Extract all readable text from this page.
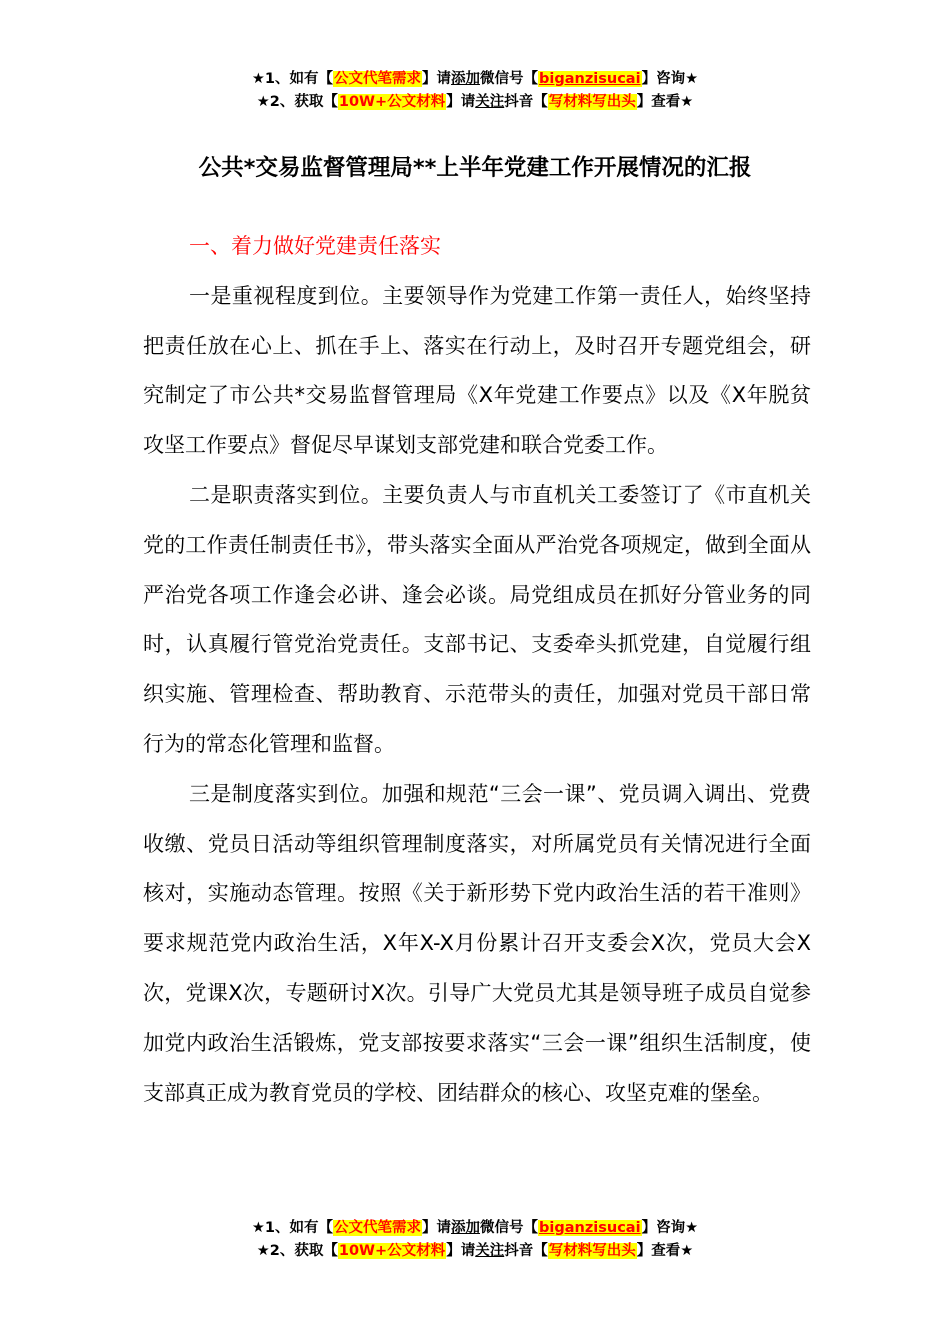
★1、如有【公文代笔需求】请添加微信号【biganzisucai】咨询★
★2、获取【10W+公文材料】请关注抖音【写材料写出头】查看★
公共*交易监督管理局**上半年党建工作开展情况的汇报

一、着力做好党建责任落实

一是重视程度到位。主要领导作为党建工作第一责任人，始终坚持把责任放在心上、抓在手上、落实在行动上，及时召开专题党组会，研究制定了市公共*交易监督管理局《X年党建工作要点》以及《X年脱贫攻坚工作要点》督促尽早谋划支部党建和联合党委工作。

二是职责落实到位。主要负责人与市直机关工委签订了《市直机关党的工作责任制责任书》，带头落实全面从严治党各项规定，做到全面从严治党各项工作逢会必讲、逢会必谈。局党组成员在抓好分管业务的同时，认真履行管党治党责任。支部书记、支委牵头抓党建，自觉履行组织实施、管理检查、帮助教育、示范带头的责任，加强对党员干部日常行为的常态化管理和监督。

三是制度落实到位。加强和规范“三会一课”、党员调入调出、党费收缴、党员日活动等组织管理制度落实，对所属党员有关情况进行全面核对，实施动态管理。按照《关于新形势下党内政治生活的若干准则》要求规范党内政治生活，X年X-X月份累计召开支委会X次，党员大会X次，党课X次，专题研讨X次。引导广大党员尤其是领导班子成员自觉参加党内政治生活锻炼，党支部按要求落实“三会一课”组织生活制度，使支部真正成为教育党员的学校、团结群众的核心、攻坚克难的堡垒。

★1、如有【公文代笔需求】请添加微信号【biganzisucai】咨询★
★2、获取【10W+公文材料】请关注抖音【写材料写出头】查看★
